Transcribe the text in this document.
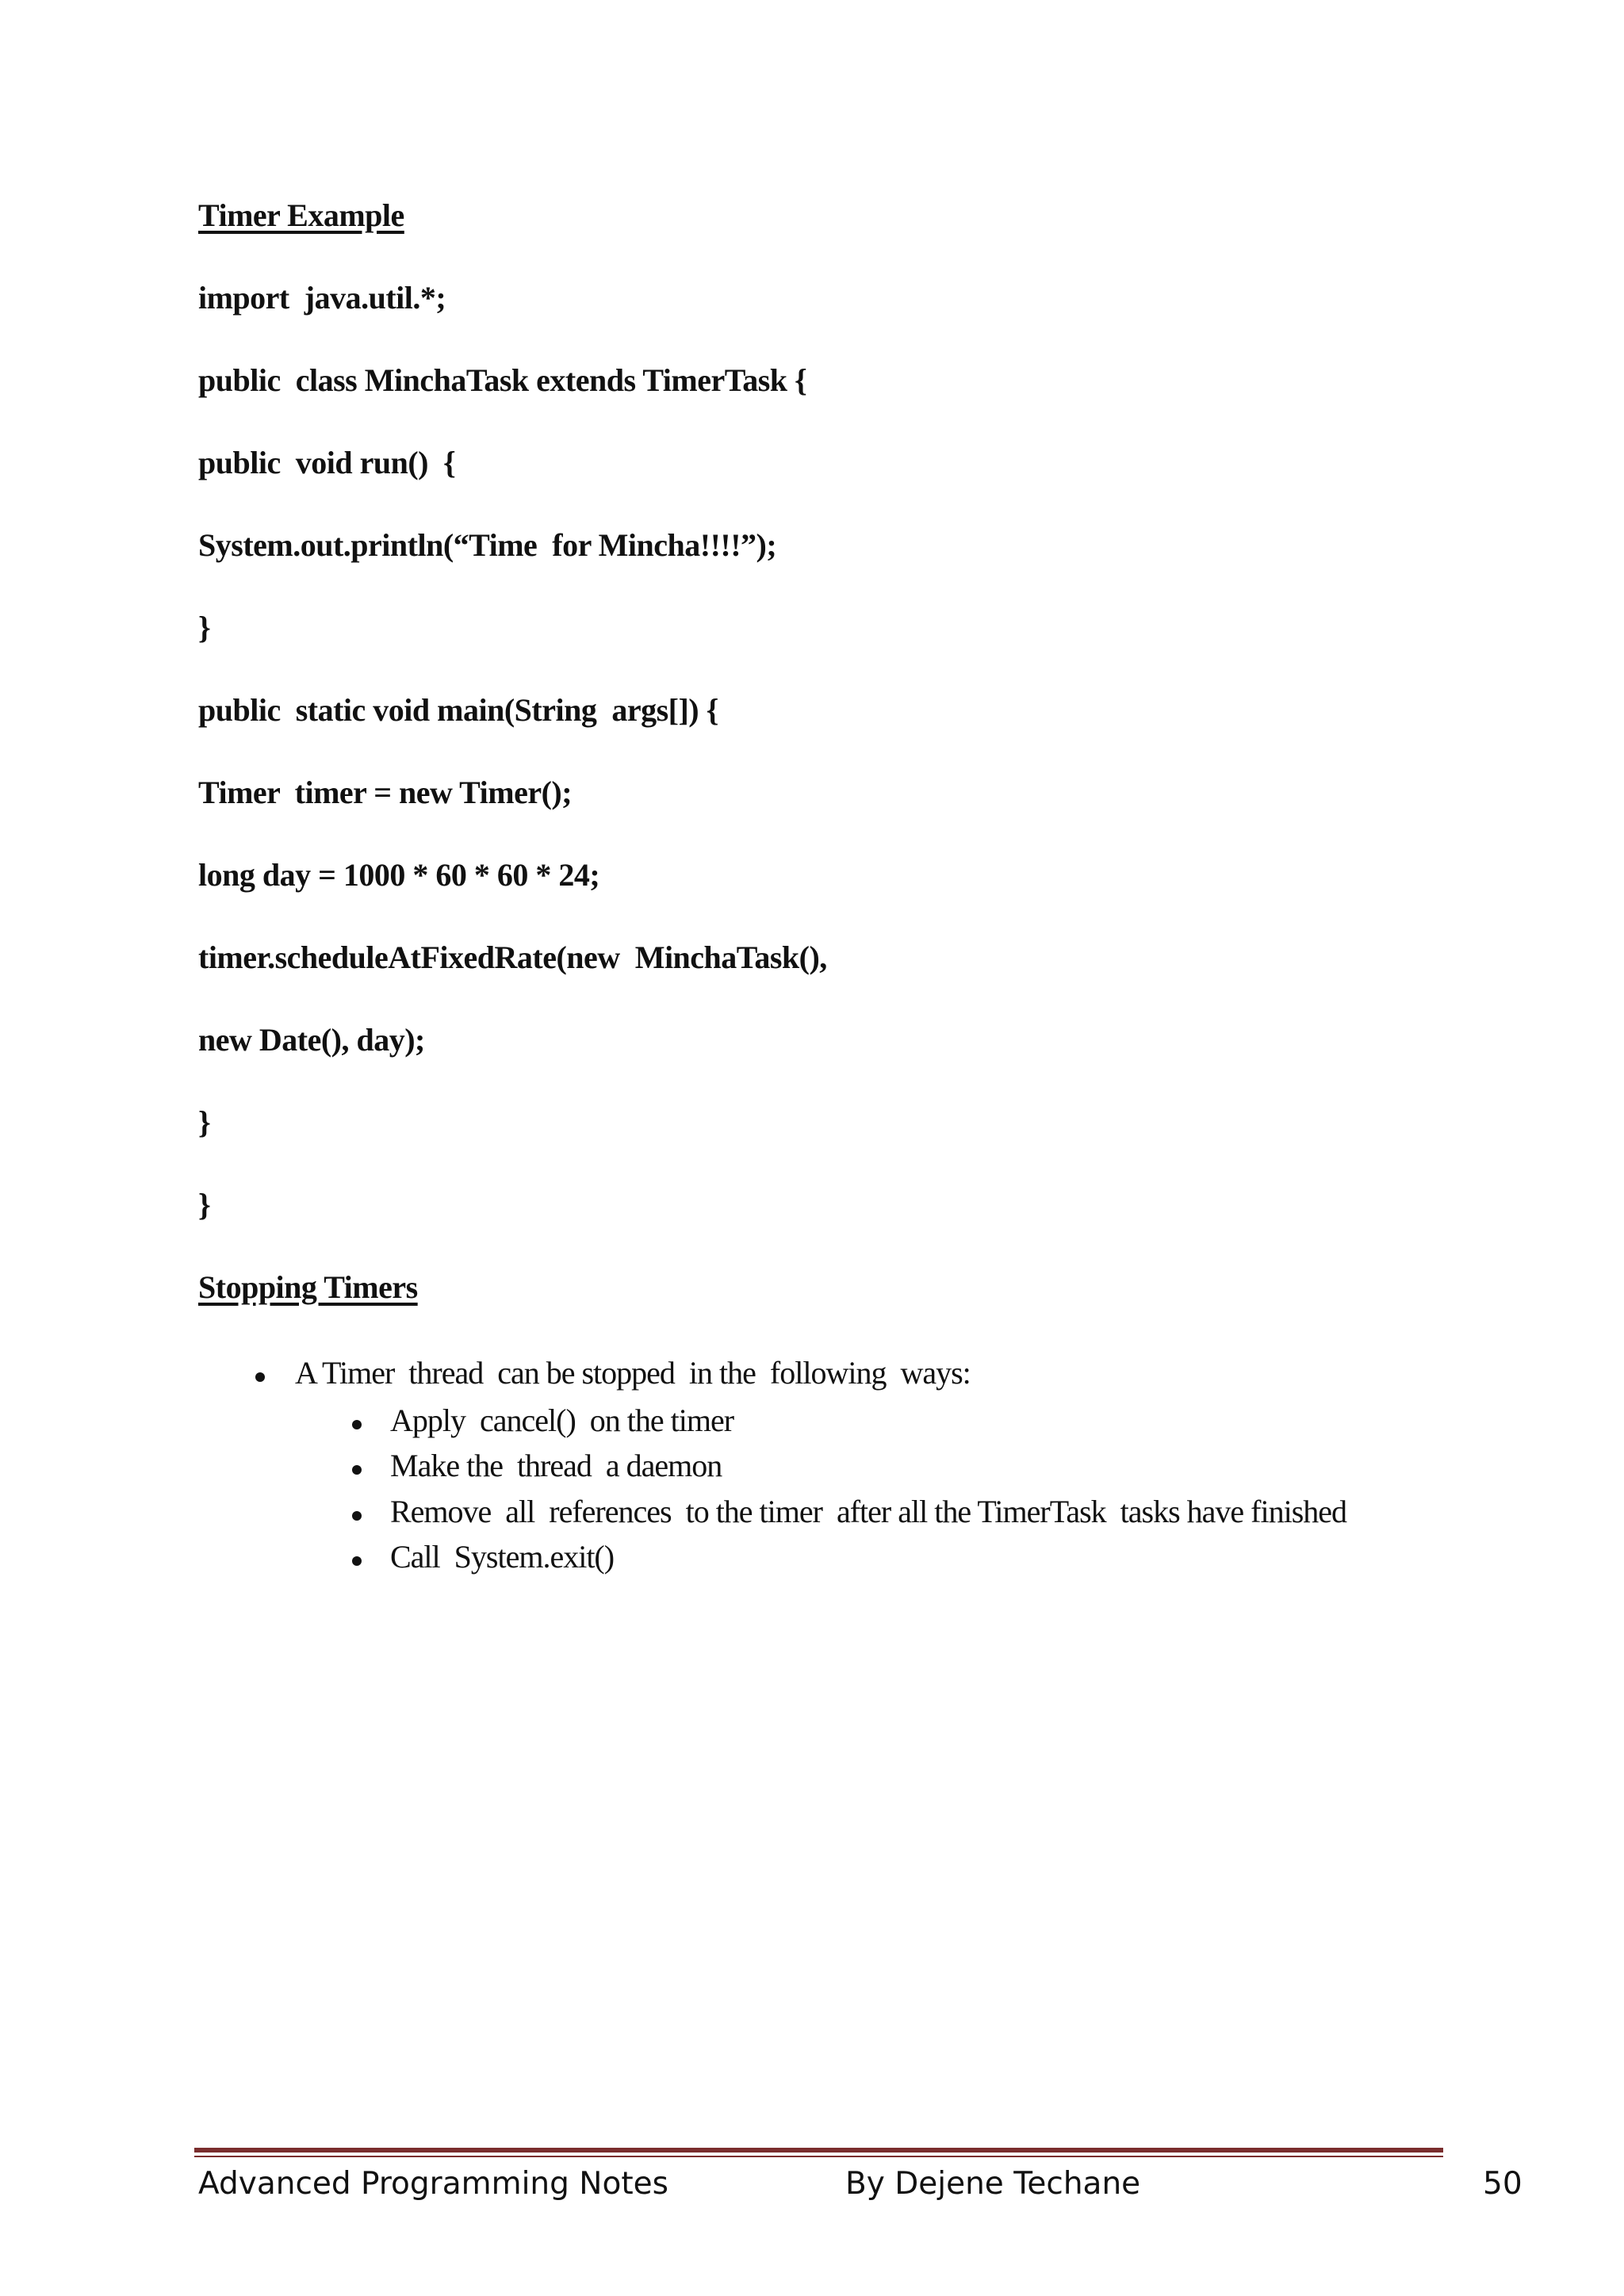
Timer Example
import  java.util.*;
public  class MinchaTask extends TimerTask {
public  void run()  {
System.out.println(“Time  for Mincha!!!!”);
}
public  static void main(String  args[]) {
Timer  timer = new Timer();
long day = 1000 * 60 * 60 * 24;
timer.scheduleAtFixedRate(new  MinchaTask(),
new Date(), day);
}
}
Stopping Timers
A Timer  thread  can be stopped  in the  following  ways:
Apply  cancel()  on the timer
Make the  thread  a daemon
Remove  all  references  to the timer  after all the TimerTask  tasks have finished
Call  System.exit()
Advanced Programming Notes	By Dejene Techane	50
